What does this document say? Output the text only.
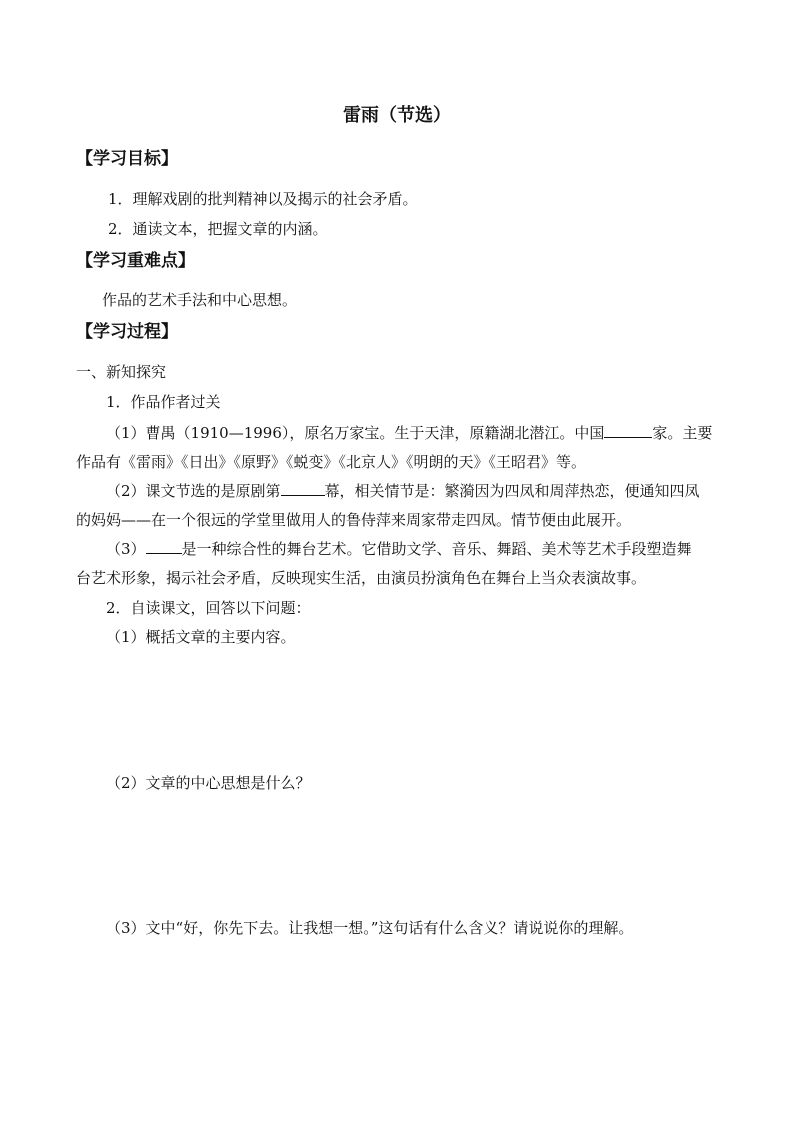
雷雨（节选）
【学习目标】
1．理解戏剧的批判精神以及揭示的社会矛盾。
2．通读文本，把握文章的内涵。
【学习重难点】
作品的艺术手法和中心思想。
【学习过程】
一、新知探究
1．作品作者过关
（1）曹禺（1910—1996），原名万家宝。生于天津，原籍湖北潜江。中国	家。主要
作品有《雷雨》《日出》《原野》《蜕变》《北京人》《明朗的天》《王昭君》等。
（2）课文节选的是原剧第	幕，相关情节是：繁漪因为四凤和周萍热恋，便通知四凤
的妈妈——在一个很远的学堂里做用人的鲁侍萍来周家带走四凤。情节便由此展开。
（3） 是一种综合性的舞台艺术。它借助文学、音乐、舞蹈、美术等艺术手段塑造舞
台艺术形象，揭示社会矛盾，反映现实生活，由演员扮演角色在舞台上当众表演故事。
2．自读课文，回答以下问题：
（1）概括文章的主要内容。
（2）文章的中心思想是什么？
（3）文中“好，你先下去。让我想一想。”这句话有什么含义？请说说你的理解。
